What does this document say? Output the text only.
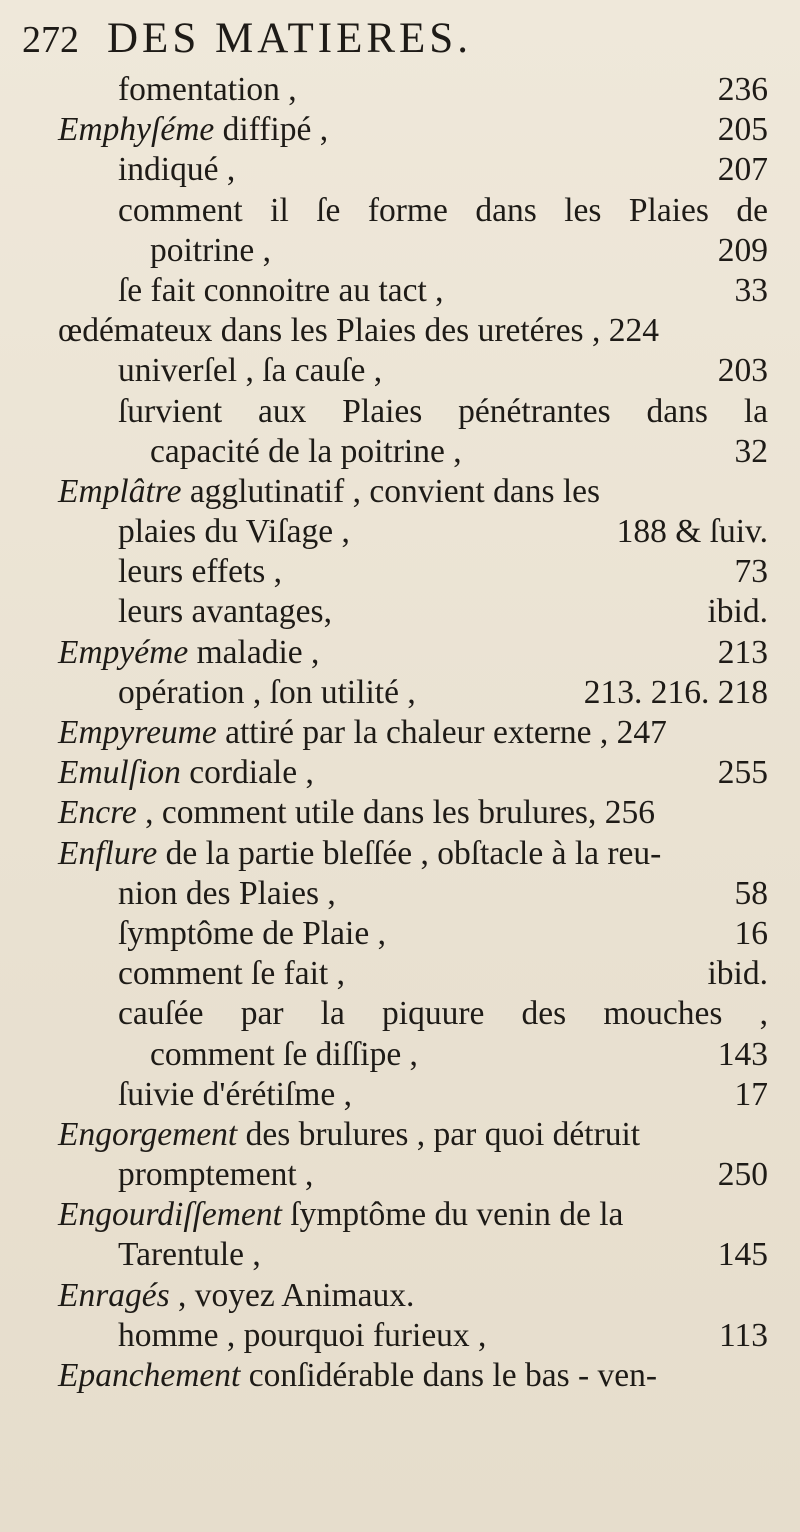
272 DES MATIERES.
fomentation ,	236
Emphyſéme diffipé ,	205
indiqué ,	207
comment il ſe forme dans les Plaies de
poitrine ,	209
ſe fait connoitre au tact ,	33
œdémateux dans les Plaies des uretéres , 224
univerſel , ſa cauſe ,	203
ſurvient aux Plaies pénétrantes dans la
capacité de la poitrine ,	32
Emplâtre agglutinatif , convient dans les
plaies du Viſage ,	188 & ſuiv.
leurs effets ,	73
leurs avantages,	ibid.
Empyéme maladie ,	213
opération , ſon utilité ,	213. 216. 218
Empyreume attiré par la chaleur externe , 247
Emulſion cordiale ,	255
Encre , comment utile dans les brulures, 256
Enflure de la partie bleſſée , obſtacle à la reu-
nion des Plaies ,	58
ſymptôme de Plaie ,	16
comment ſe fait ,	ibid.
cauſée par la piquure des mouches ,
comment ſe diſſipe ,	143
ſuivie d'érétiſme ,	17
Engorgement des brulures , par quoi détruit
promptement ,	250
Engourdiſſement ſymptôme du venin de la
Tarentule ,	145
Enragés , voyez Animaux.
homme , pourquoi furieux ,	113
Epanchement conſidérable dans le bas - ven-
